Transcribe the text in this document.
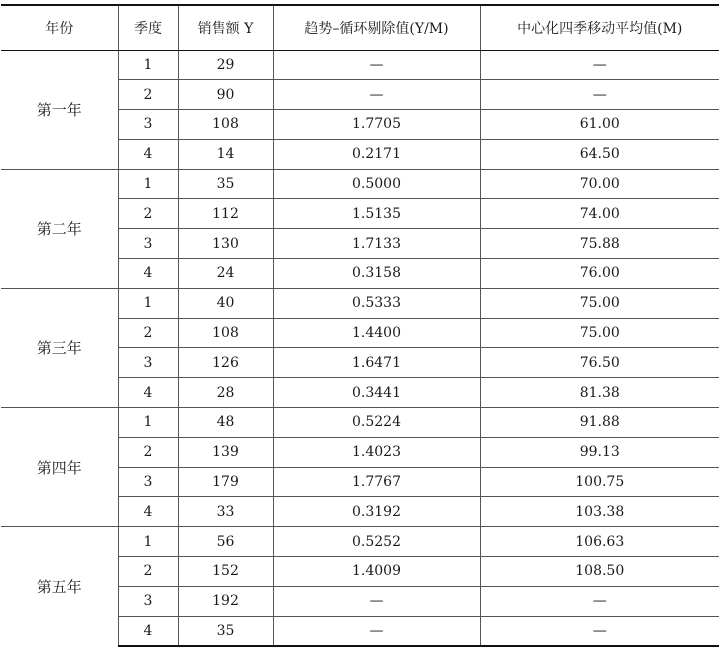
年份	季度	销售额 Y	趋势–循环剔除值(Y/M)	中心化四季移动平均值(M)
第一年	1	29	—	—
	2	90	—	—
	3	108	1.7705	61.00
	4	14	0.2171	64.50
第二年	1	35	0.5000	70.00
	2	112	1.5135	74.00
	3	130	1.7133	75.88
	4	24	0.3158	76.00
第三年	1	40	0.5333	75.00
	2	108	1.4400	75.00
	3	126	1.6471	76.50
	4	28	0.3441	81.38
第四年	1	48	0.5224	91.88
	2	139	1.4023	99.13
	3	179	1.7767	100.75
	4	33	0.3192	103.38
第五年	1	56	0.5252	106.63
	2	152	1.4009	108.50
	3	192	—	—
	4	35	—	—
